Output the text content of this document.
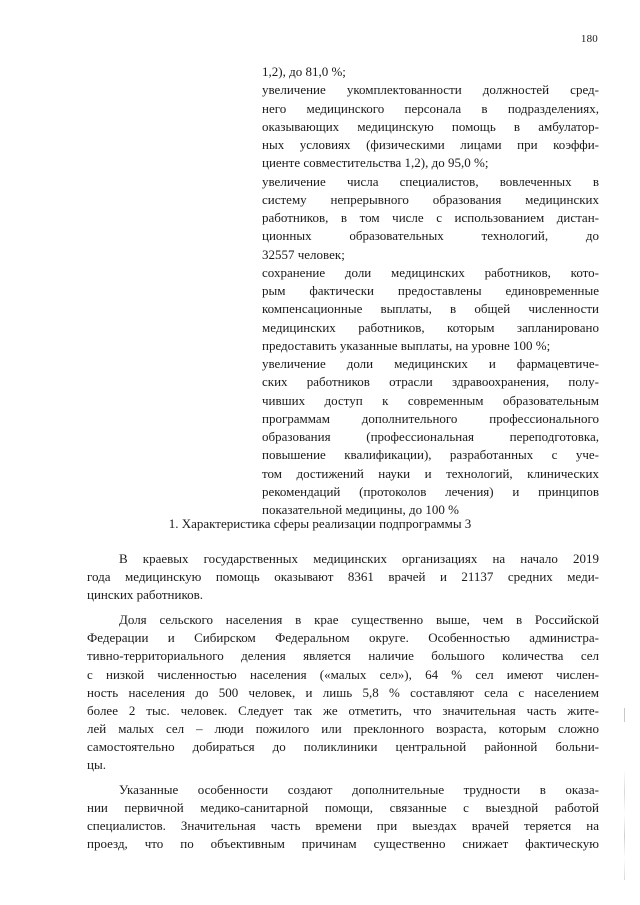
180
1,2), до 81,0 %;
увеличение укомплектованности должностей сред-
него медицинского персонала в подразделениях,
оказывающих медицинскую помощь в амбулатор-
ных условиях (физическими лицами при коэффи-
циенте совместительства 1,2), до 95,0 %;
увеличение числа специалистов, вовлеченных в
систему непрерывного образования медицинских
работников, в том числе с использованием дистан-
ционных образовательных технологий, до
32557 человек;
сохранение доли медицинских работников, кото-
рым фактически предоставлены единовременные
компенсационные выплаты, в общей численности
медицинских работников, которым запланировано
предоставить указанные выплаты, на уровне 100 %;
увеличение доли медицинских и фармацевтиче-
ских работников отрасли здравоохранения, полу-
чивших доступ к современным образовательным
программам дополнительного профессионального
образования (профессиональная переподготовка,
повышение квалификации), разработанных с уче-
том достижений науки и технологий, клинических
рекомендаций (протоколов лечения) и принципов
показательной медицины, до 100 %
1. Характеристика сферы реализации подпрограммы 3
В краевых государственных медицинских организациях на начало 2019
года медицинскую помощь оказывают 8361 врачей и 21137 средних меди-
цинских работников.
Доля сельского населения в крае существенно выше, чем в Российской
Федерации и Сибирском Федеральном округе. Особенностью администра-
тивно-территориального деления является наличие большого количества сел
с низкой численностью населения («малых сел»), 64 % сел имеют числен-
ность населения до 500 человек, и лишь 5,8 % составляют села с населением
более 2 тыс. человек. Следует так же отметить, что значительная часть жите-
лей малых сел – люди пожилого или преклонного возраста, которым сложно
самостоятельно добираться до поликлиники центральной районной больни-
цы.
Указанные особенности создают дополнительные трудности в оказа-
нии первичной медико-санитарной помощи, связанные с выездной работой
специалистов. Значительная часть времени при выездах врачей теряется на
проезд, что по объективным причинам существенно снижает фактическую
